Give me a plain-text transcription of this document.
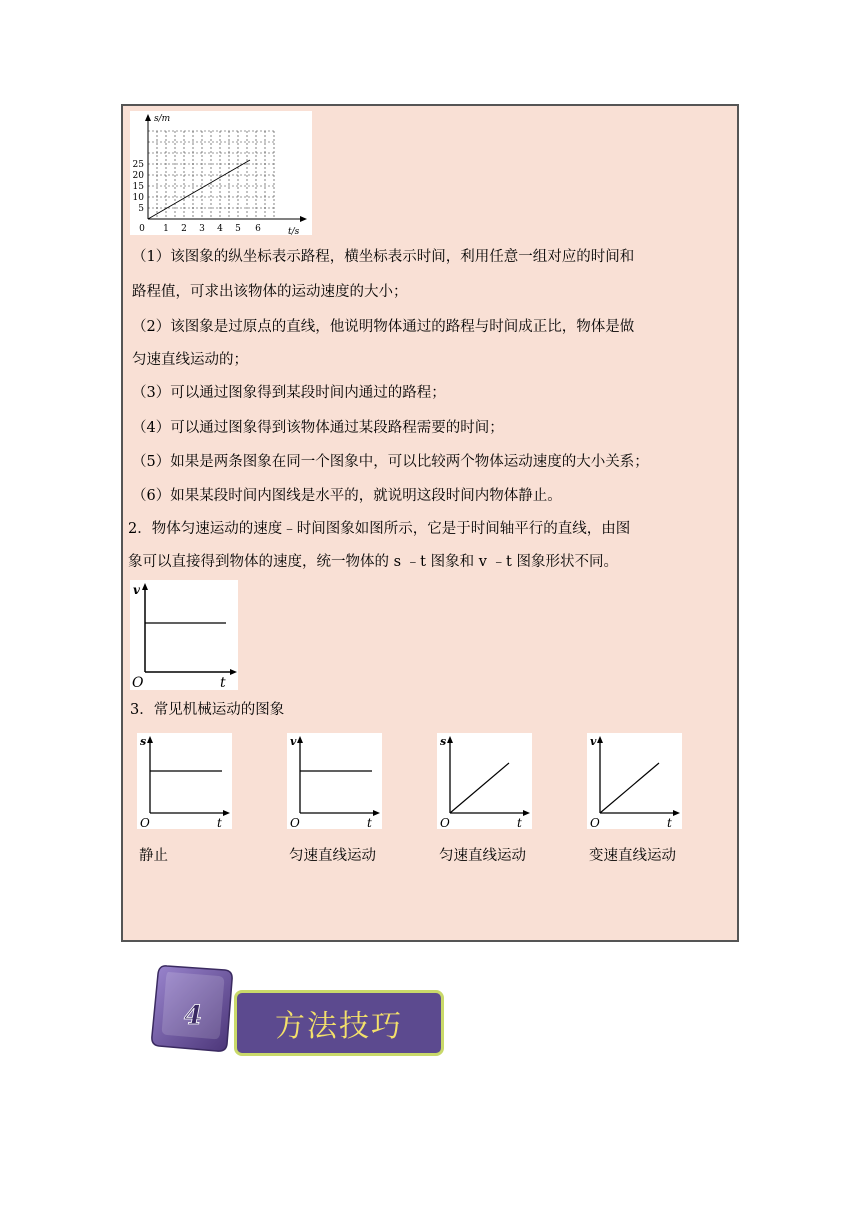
s/m
t/s
5
10
15
20
25
0 1 2 3 4 5 6
（1）该图象的纵坐标表示路程，横坐标表示时间，利用任意一组对应的时间和
路程值，可求出该物体的运动速度的大小；
（2）该图象是过原点的直线，他说明物体通过的路程与时间成正比，物体是做
匀速直线运动的；
（3）可以通过图象得到某段时间内通过的路程；
（4）可以通过图象得到该物体通过某段路程需要的时间；
（5）如果是两条图象在同一个图象中，可以比较两个物体运动速度的大小关系；
（6）如果某段时间内图线是水平的，就说明这段时间内物体静止。
2．物体匀速运动的速度﹣时间图象如图所示，它是于时间轴平行的直线，由图
象可以直接得到物体的速度，统一物体的 s ﹣t 图象和 v ﹣t 图象形状不同。
v
t
O
3．常见机械运动的图象
s
t
O
v
t
O
s
t
O
v
t
O
静止	匀速直线运动	匀速直线运动	变速直线运动
4 方法技巧
